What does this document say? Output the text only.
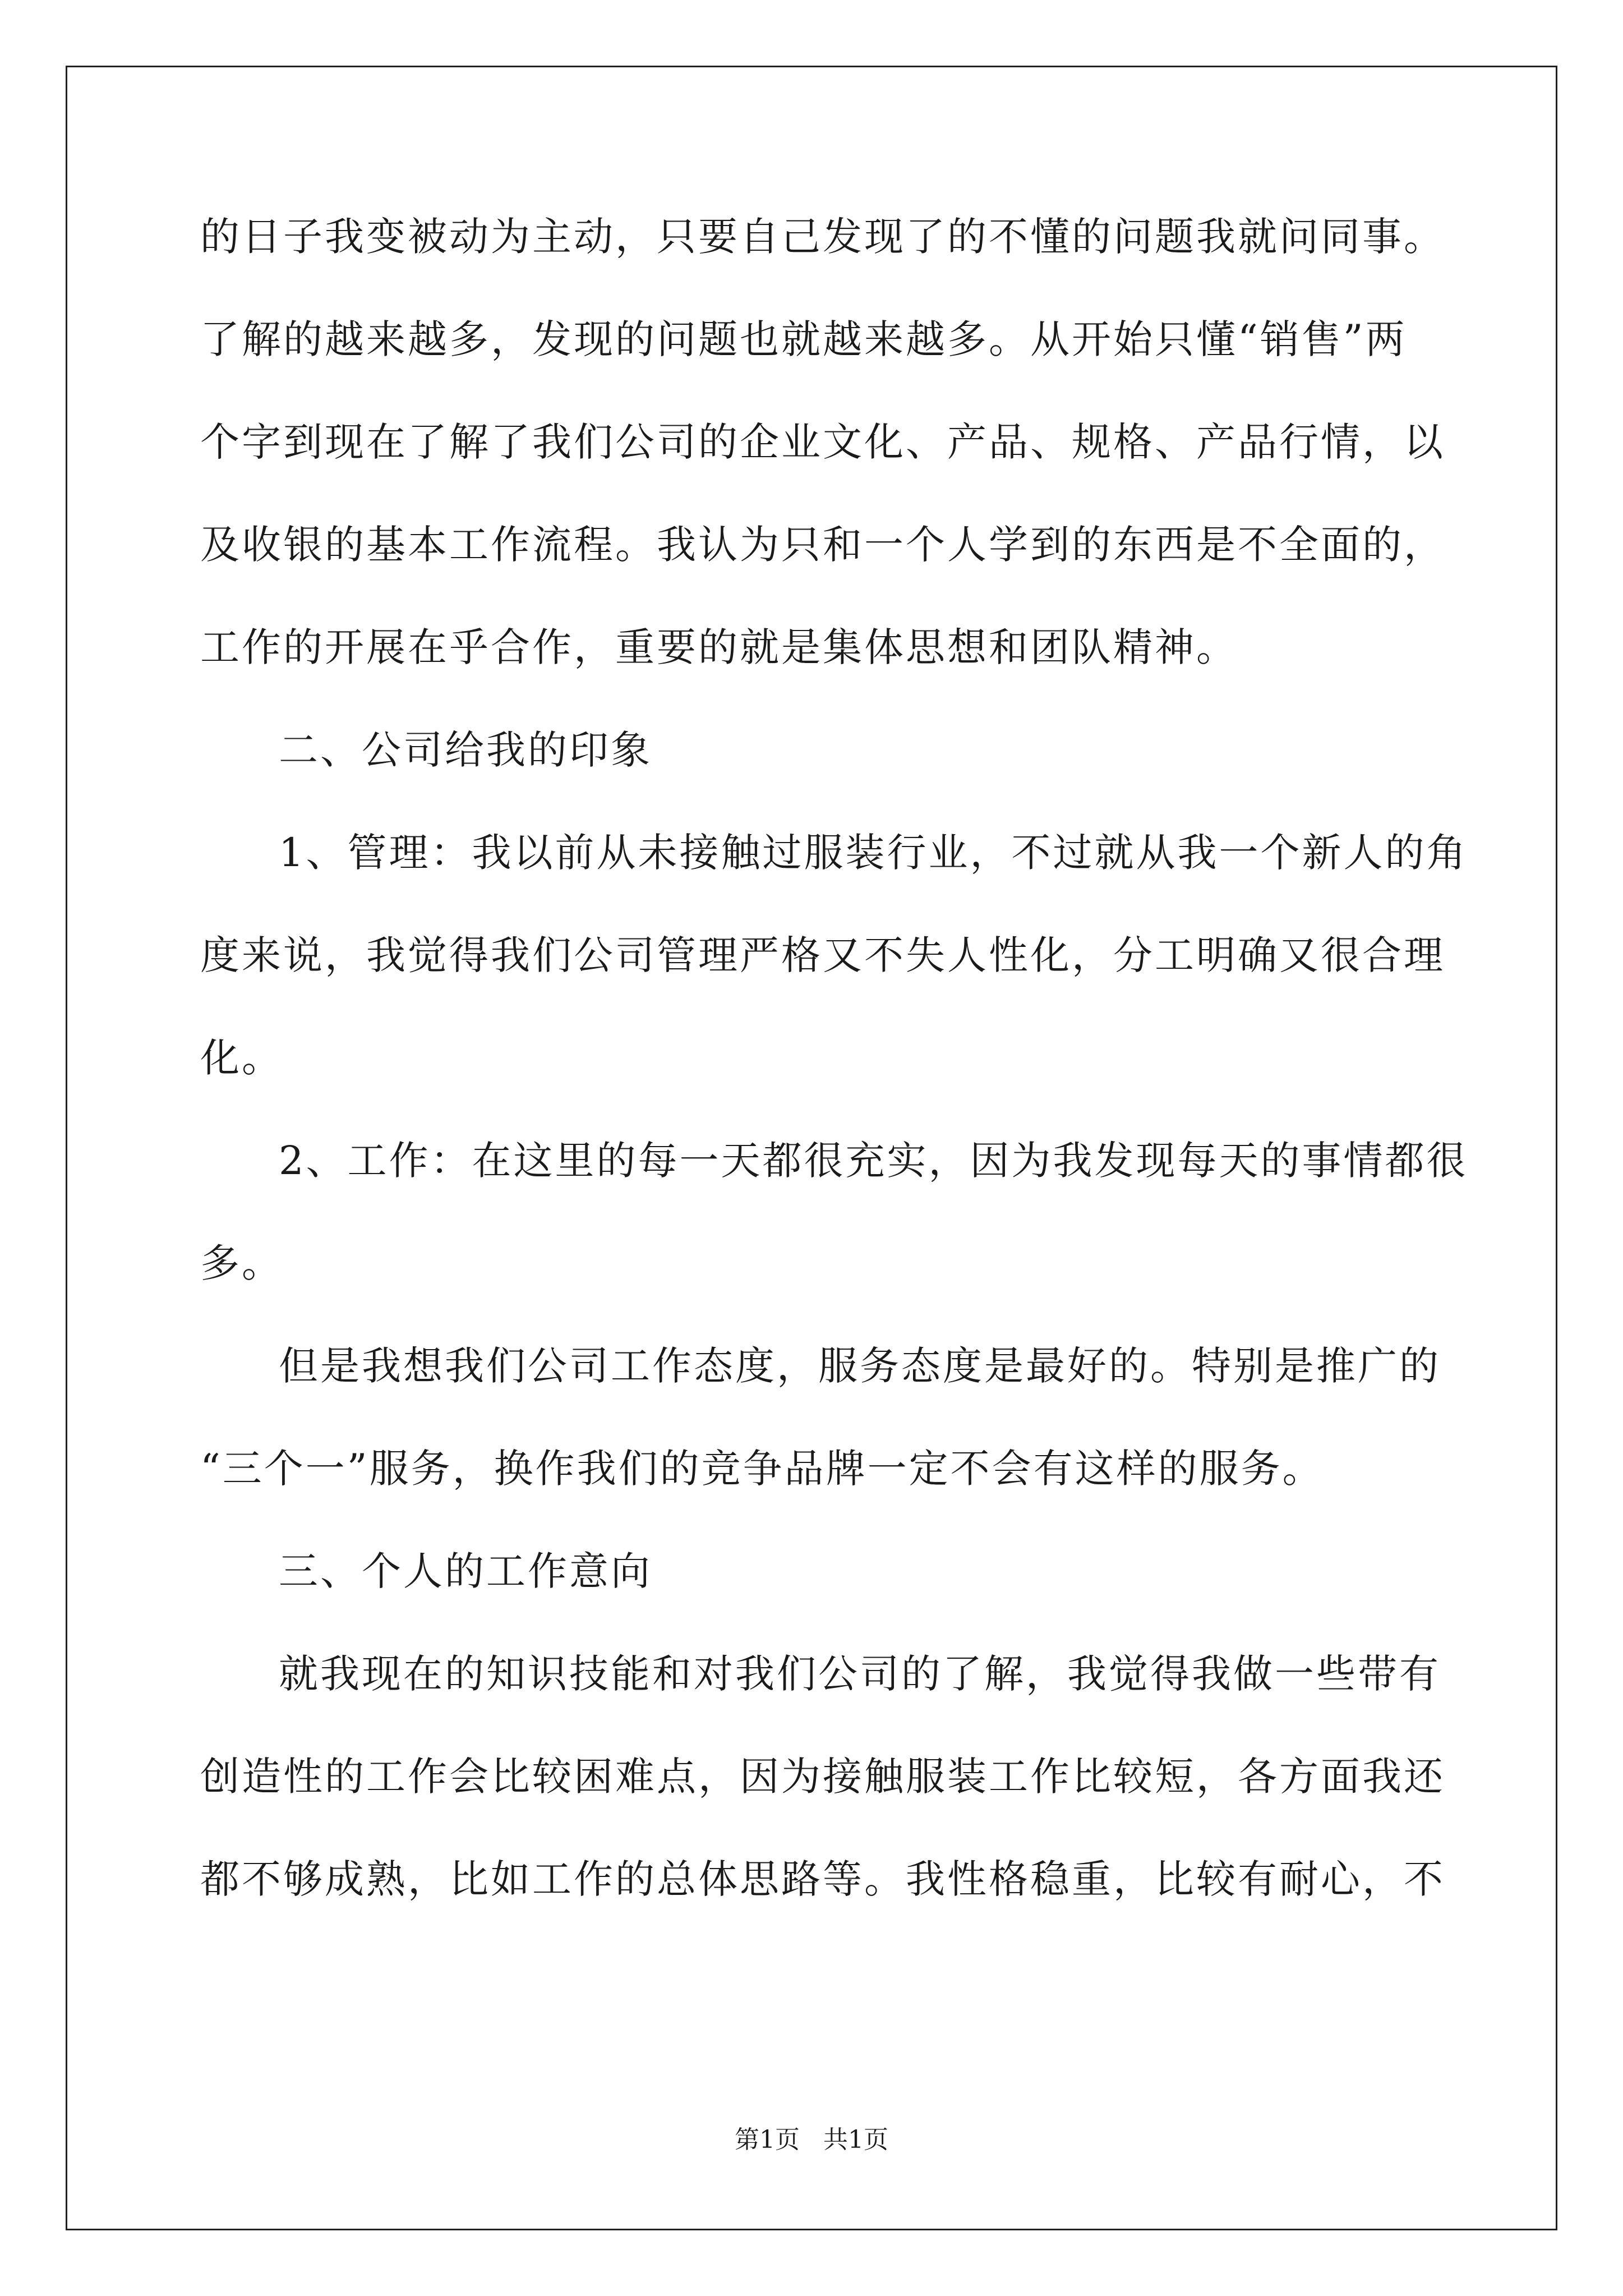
的日子我变被动为主动，只要自己发现了的不懂的问题我就问同事。
了解的越来越多，发现的问题也就越来越多。从开始只懂“销售”两
个字到现在了解了我们公司的企业文化、产品、规格、产品行情，以
及收银的基本工作流程。我认为只和一个人学到的东西是不全面的，
工作的开展在乎合作，重要的就是集体思想和团队精神。
二、公司给我的印象
1、管理：我以前从未接触过服装行业，不过就从我一个新人的角
度来说，我觉得我们公司管理严格又不失人性化，分工明确又很合理
化。
2、工作：在这里的每一天都很充实，因为我发现每天的事情都很
多。
但是我想我们公司工作态度，服务态度是最好的。特别是推广的
“三个一”服务，换作我们的竞争品牌一定不会有这样的服务。
三、个人的工作意向
就我现在的知识技能和对我们公司的了解，我觉得我做一些带有
创造性的工作会比较困难点，因为接触服装工作比较短，各方面我还
都不够成熟，比如工作的总体思路等。我性格稳重，比较有耐心，不
第1页   共1页
